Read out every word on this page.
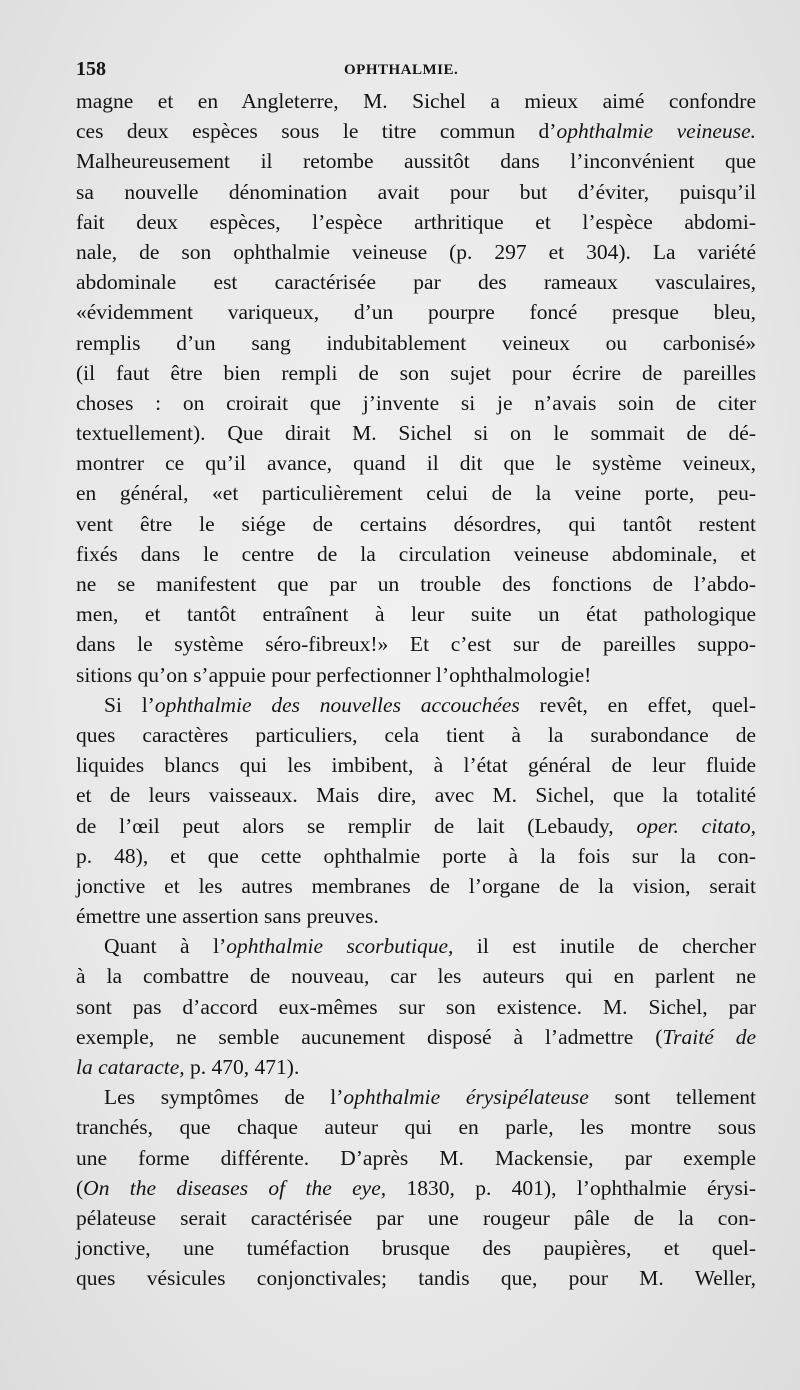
158	OPHTHALMIE.
magne et en Angleterre, M. Sichel a mieux aimé confondre
ces deux espèces sous le titre commun d’ophthalmie veineuse.
Malheureusement il retombe aussitôt dans l’inconvénient que
sa nouvelle dénomination avait pour but d’éviter, puisqu’il
fait deux espèces, l’espèce arthritique et l’espèce abdomi-
nale, de son ophthalmie veineuse (p. 297 et 304). La variété
abdominale est caractérisée par des rameaux vasculaires,
«évidemment variqueux, d’un pourpre foncé presque bleu,
remplis d’un sang indubitablement veineux ou carbonisé»
(il faut être bien rempli de son sujet pour écrire de pareilles
choses : on croirait que j’invente si je n’avais soin de citer
textuellement). Que dirait M. Sichel si on le sommait de dé-
montrer ce qu’il avance, quand il dit que le système veineux,
en général, «et particulièrement celui de la veine porte, peu-
vent être le siége de certains désordres, qui tantôt restent
fixés dans le centre de la circulation veineuse abdominale, et
ne se manifestent que par un trouble des fonctions de l’abdo-
men, et tantôt entraînent à leur suite un état pathologique
dans le système séro-fibreux!» Et c’est sur de pareilles suppo-
sitions qu’on s’appuie pour perfectionner l’ophthalmologie!
Si l’ophthalmie des nouvelles accouchées revêt, en effet, quel-
ques caractères particuliers, cela tient à la surabondance de
liquides blancs qui les imbibent, à l’état général de leur fluide
et de leurs vaisseaux. Mais dire, avec M. Sichel, que la totalité
de l’œil peut alors se remplir de lait (Lebaudy, oper. citato,
p. 48), et que cette ophthalmie porte à la fois sur la con-
jonctive et les autres membranes de l’organe de la vision, serait
émettre une assertion sans preuves.
Quant à l’ophthalmie scorbutique, il est inutile de chercher
à la combattre de nouveau, car les auteurs qui en parlent ne
sont pas d’accord eux-mêmes sur son existence. M. Sichel, par
exemple, ne semble aucunement disposé à l’admettre (Traité de
la cataracte, p. 470, 471).
Les symptômes de l’ophthalmie érysipélateuse sont tellement
tranchés, que chaque auteur qui en parle, les montre sous
une forme différente. D’après M. Mackensie, par exemple
(On the diseases of the eye, 1830, p. 401), l’ophthalmie érysi-
pélateuse serait caractérisée par une rougeur pâle de la con-
jonctive, une tuméfaction brusque des paupières, et quel-
ques vésicules conjonctivales; tandis que, pour M. Weller,
